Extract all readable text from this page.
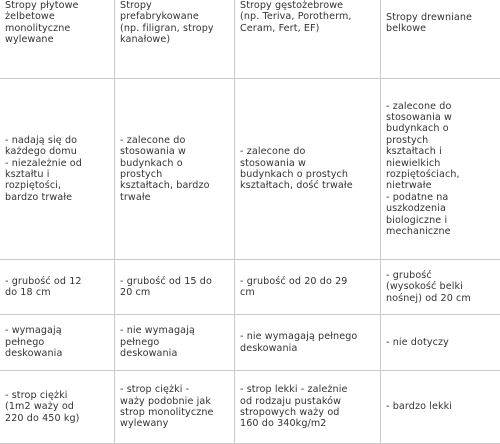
Stropy płytowe
żelbetowe
monolityczne
wylewane
Stropy
prefabrykowane
(np. filigran, stropy
kanałowe)
Stropy gęstożebrowe
(np. Teriva, Porotherm,
Ceram, Fert, EF)
Stropy drewniane
belkowe
- nadają się do
każdego domu
- niezależnie od
kształtu i
rozpiętości,
bardzo trwałe
- zalecone do
stosowania w
budynkach o
prostych
kształtach, bardzo
trwałe
- zalecone do
stosowania w
budynkach o prostych
kształtach, dość trwałe
- zalecone do
stosowania w
budynkach o
prostych
kształtach i
niewielkich
rozpiętościach,
nietrwałe
- podatne na
uszkodzenia
biologiczne i
mechaniczne
- grubość od 12
do 18 cm
- grubość od 15 do
20 cm
- grubość od 20 do 29
cm
- grubość
(wysokość belki
nośnej) od 20 cm
- wymagają
pełnego
deskowania
- nie wymagają
pełnego
deskowania
- nie wymagają pełnego
deskowania
- nie dotyczy
- strop ciężki
(1m2 waży od
220 do 450 kg)
- strop ciężki -
waży podobnie jak
strop monolityczne
wylewany
- strop lekki - zależnie
od rodzaju pustaków
stropowych waży od
160 do 340kg/m2
- bardzo lekki
